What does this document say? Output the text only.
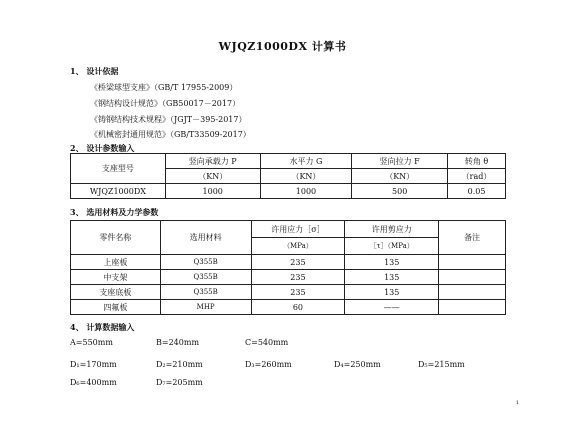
WJQZ1000DX 计算书
1、 设计依据
《桥梁球型支座》（GB/T 17955-2009）
《钢结构设计规范》（GB50017－2017）
《铸钢结构技术规程》（JGJT－395-2017）
《机械密封通用规范》（GB/T33509-2017）
2、 设计参数输入
支座型号	竖向承载力 P	水平力 G	竖向拉力 F	转角 θ
	（KN）	（KN）	（KN）	（rad）
WJQZ1000DX	1000	1000	500	0.05
3、 选用材料及力学参数
零件名称	选用材料	许用应力［σ］	许用剪应力	备注
		（MPa）	［τ］（MPa）	
上座板	Q355B	235	135	
中支架	Q355B	235	135	
支座底板	Q355B	235	135	
四氟板	MHP	60	——	
4、 计算数据输入
A=550mm	B=240mm	C=540mm
D₁=170mm	D₂=210mm	D₃=260mm	D₄=250mm	D₅=215mm
D₆=400mm	D₇=205mm
1
